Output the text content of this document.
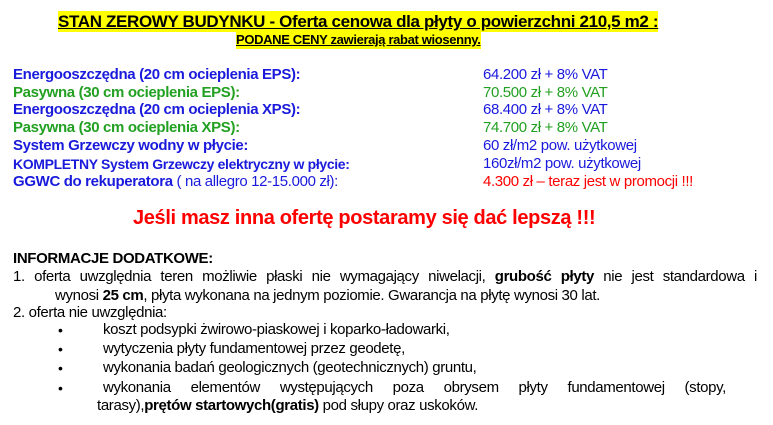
STAN ZEROWY BUDYNKU - Oferta cenowa dla płyty o powierzchni 210,5 m2 :
PODANE CENY zawierają rabat wiosenny.
Energooszczędna (20 cm ocieplenia EPS):	64.200 zł + 8% VAT
Pasywna (30 cm ocieplenia EPS):	70.500 zł + 8% VAT
Energooszczędna (20 cm ocieplenia XPS):	68.400 zł + 8% VAT
Pasywna (30 cm ocieplenia XPS):	74.700 zł + 8% VAT
System Grzewczy wodny w płycie:	60 zł/m2 pow. użytkowej
KOMPLETNY System Grzewczy elektryczny w płycie:	160zł/m2 pow. użytkowej
GGWC do rekuperatora ( na allegro 12-15.000 zł):	4.300 zł – teraz jest w promocji !!!
Jeśli masz inna ofertę postaramy się dać lepszą !!!
INFORMACJE DODATKOWE:
1. oferta uwzględnia teren możliwie płaski nie wymagający niwelacji, grubość płyty nie jest standardowa i
wynosi 25 cm, płyta wykonana na jednym poziomie. Gwarancja na płytę wynosi 30 lat.
2. oferta nie uwzględnia:
•	koszt podsypki żwirowo-piaskowej i koparko-ładowarki,
•	wytyczenia płyty fundamentowej przez geodetę,
•	wykonania badań geologicznych (geotechnicznych) gruntu,
•	wykonania elementów występujących poza obrysem płyty fundamentowej (stopy,
tarasy),prętów startowych(gratis) pod słupy oraz uskoków.
